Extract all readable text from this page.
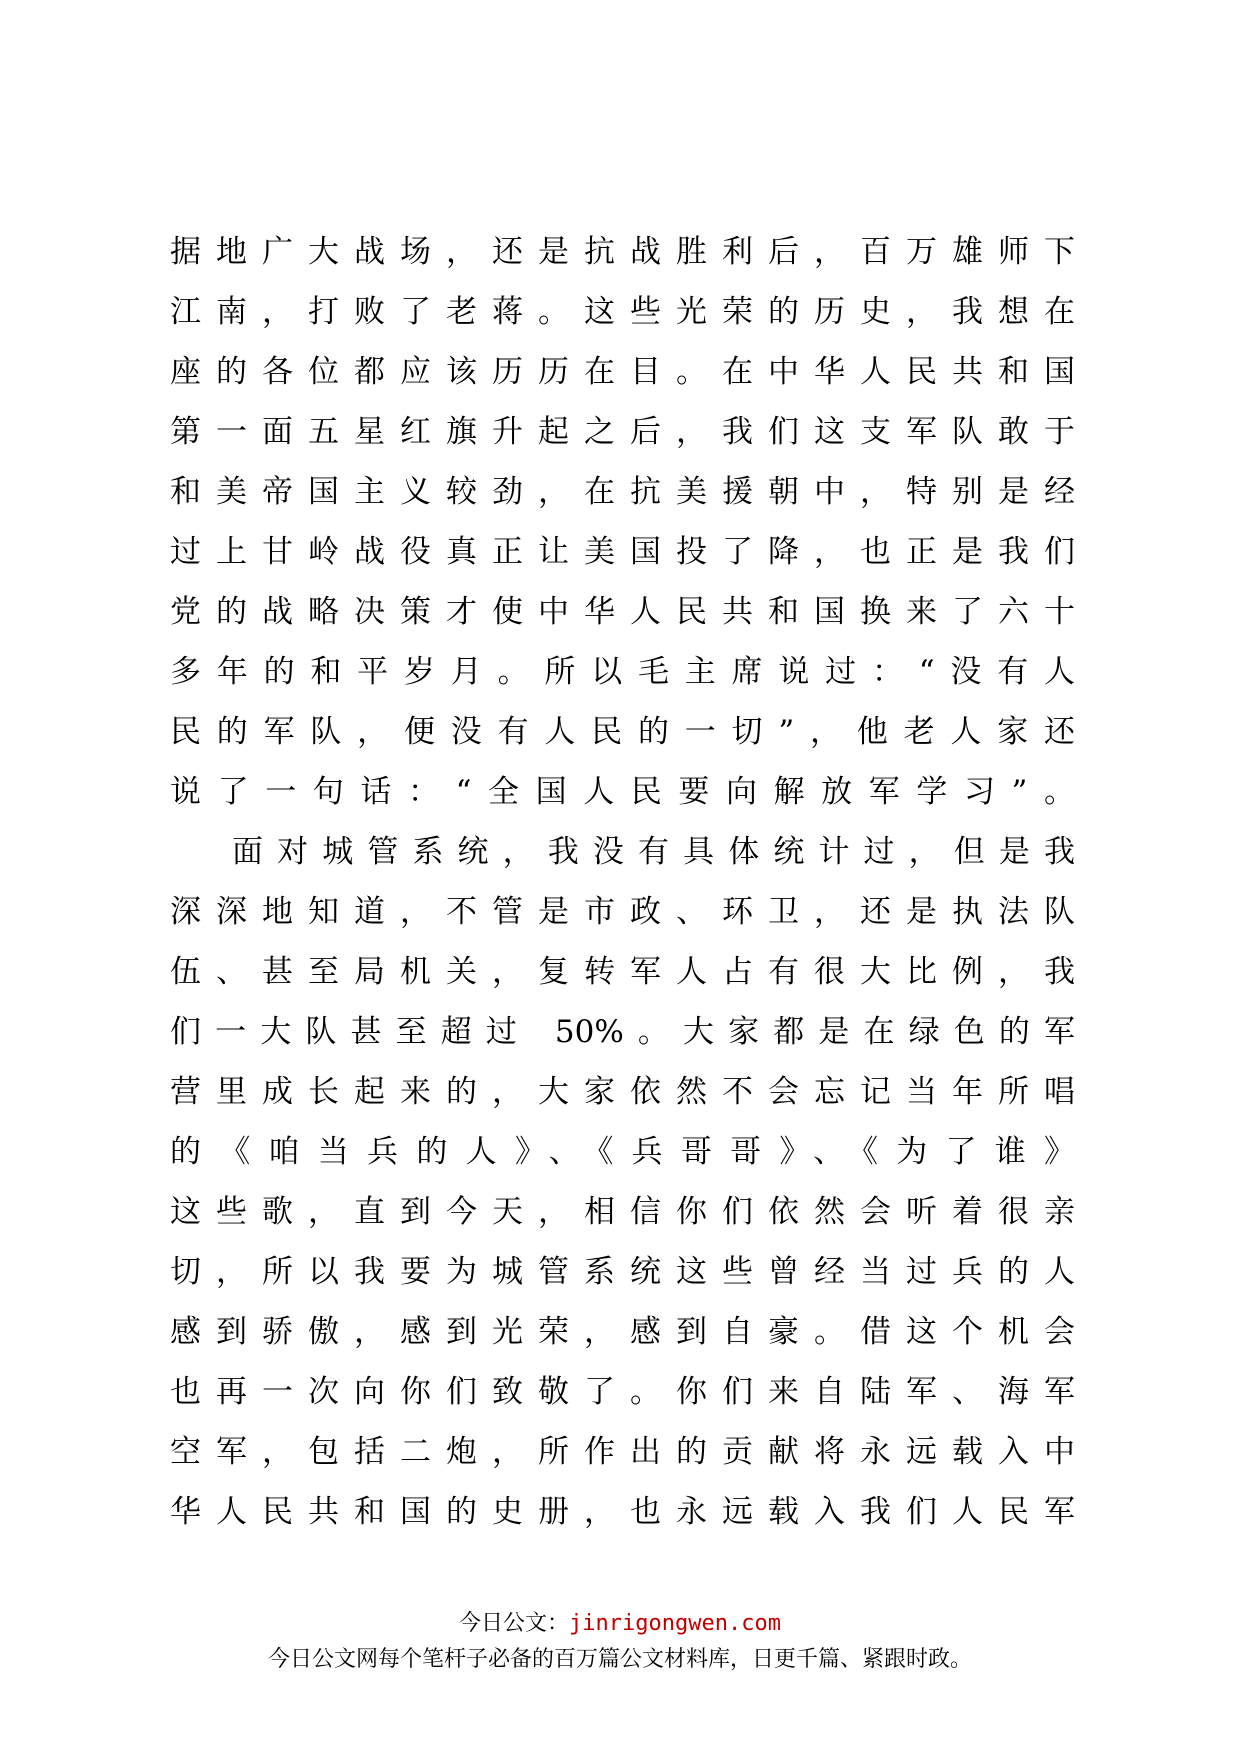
据地广大战场，还是抗战胜利后，百万雄师下
江南，打败了老蒋。这些光荣的历史，我想在
座的各位都应该历历在目。在中华人民共和国
第一面五星红旗升起之后，我们这支军队敢于
和美帝国主义较劲，在抗美援朝中，特别是经
过上甘岭战役真正让美国投了降，也正是我们
党的战略决策才使中华人民共和国换来了六十
多年的和平岁月。所以毛主席说过：“没有人
民的军队，便没有人民的一切”，他老人家还
说了一句话：“全国人民要向解放军学习”。
面对城管系统，我没有具体统计过，但是我
深深地知道，不管是市政、环卫，还是执法队
伍、甚至局机关，复转军人占有很大比例，我
们一大队甚至超过 50%。大家都是在绿色的军
营里成长起来的，大家依然不会忘记当年所唱
的《咱当兵的人》、《兵哥哥》、《为了谁》
这些歌，直到今天，相信你们依然会听着很亲
切，所以我要为城管系统这些曾经当过兵的人
感到骄傲，感到光荣，感到自豪。借这个机会
也再一次向你们致敬了。你们来自陆军、海军
空军，包括二炮，所作出的贡献将永远载入中
华人民共和国的史册，也永远载入我们人民军
今日公文：jinrigongwen.com
今日公文网每个笔杆子必备的百万篇公文材料库，日更千篇、紧跟时政。
